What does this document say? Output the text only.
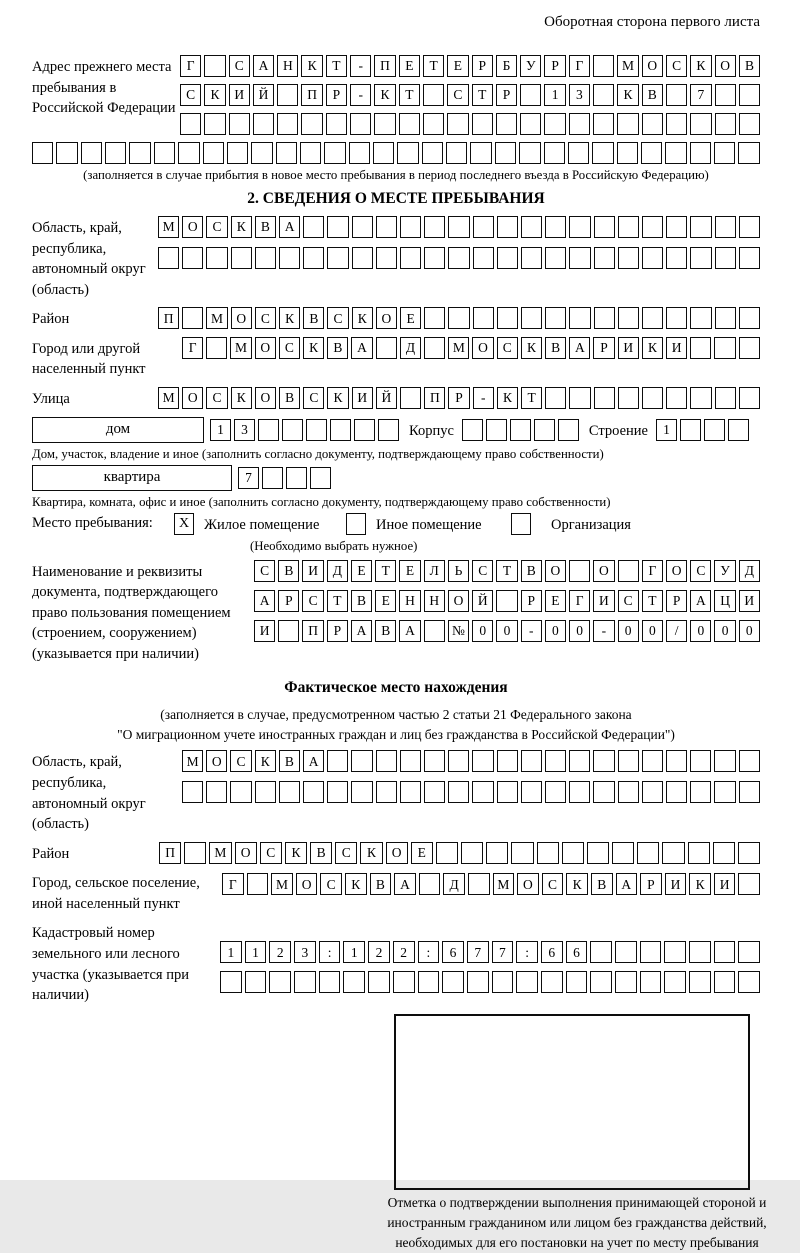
Оборотная сторона первого листа
Адрес прежнего места пребывания в Российской Федерации
Г	С	А	Н	К	Т	-	П	Е	Т	Е	Р	Б	У	Р	Г	М О	С	К	О	В
С	К	И	Й	П	Р	-	К	Т	С	Т	Р	1	3	К	В	7
(заполняется в случае прибытия в новое место пребывания в период последнего въезда в Российскую Федерацию)
2. СВЕДЕНИЯ О МЕСТЕ ПРЕБЫВАНИЯ
Область, край, республика, автономный округ (область)
М О	С	К	В	А
Район	П	М О	С	К	В	С	К	О	Е
Город или другой населенный пункт
Г	М О	С	К	В	А	Д	М О	С	К	В	А	Р	И	К	И
Улица	М О	С	К	О	В	С	К	И	Й	П	Р	-	К	Т
дом	1	3	Корпус	Строение	1
Дом, участок, владение и иное (заполнить согласно документу, подтверждающему право собственности)
квартира	7
Квартира, комната, офис и иное (заполнить согласно документу, подтверждающему право собственности)
Место пребывания:	X	Жилое помещение	Иное помещение	Организация
(Необходимо выбрать нужное)
Наименование и реквизиты документа, подтверждающего право пользования помещением (строением, сооружением) (указывается при наличии)
С	В	И	Д	Е	Т	Е	Л	Ь	С	Т	В	О	О	Г	О	С	У	Д
А	Р	С	Т	В	Е	Н	Н	О	Й	Р	Е	Г	И	С	Т	Р	А	Ц	И
И	П	Р	А	В	А	№	0	0	-	0	0	-	0	0	/	0	0	0
Фактическое место нахождения
(заполняется в случае, предусмотренном частью 2 статьи 21 Федерального закона
"О миграционном учете иностранных граждан и лиц без гражданства в Российской Федерации")
Область, край, республика, автономный округ (область)
М О	С	К	В	А
Район	П	М	О	С	К	В	С	К	О	Е
Город, сельское поселение, иной населенный пункт
Г	М	О	С	К	В	А	Д	М	О	С	К	В	А	Р	И	К	И
Кадастровый номер земельного или лесного участка (указывается при наличии)
1	1	2	3	:	1	2	2	:	6	7	7	:	6	6
Отметка о подтверждении выполнения принимающей стороной и иностранным гражданином или лицом без гражданства действий, необходимых для его постановки на учет по месту пребывания
